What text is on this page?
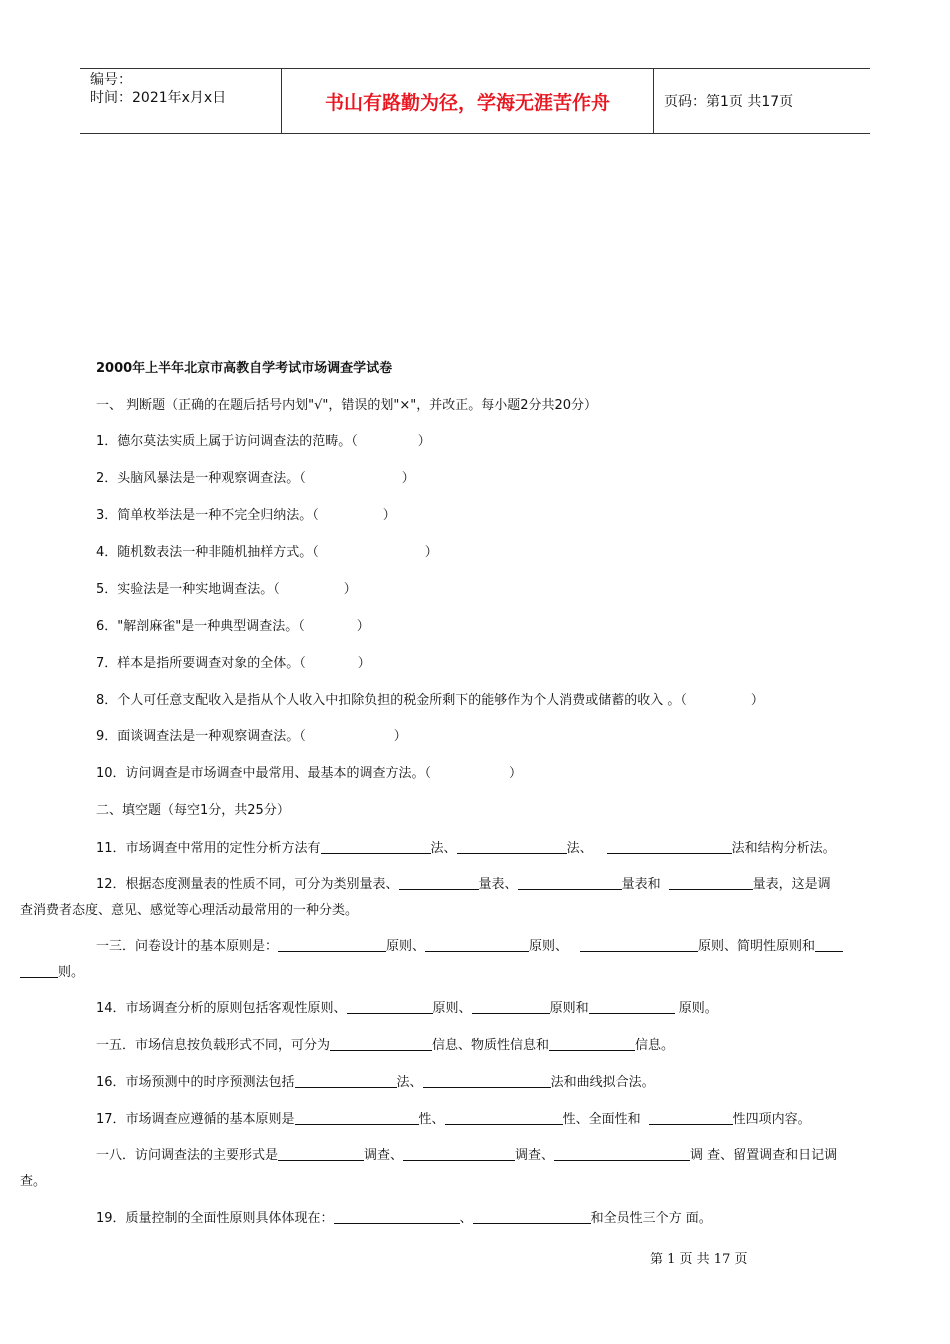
编号：
时间：2021年x月x日	书山有路勤为径，学海无涯苦作舟	页码：第1页 共17页
2000年上半年北京市高教自学考试市场调查学试卷
一、 判断题（正确的在题后括号内划"√"，错误的划"×"，并改正。每小题2分共20分）
1．德尔莫法实质上属于访问调查法的范畴。（	）
2．头脑风暴法是一种观察调查法。（	）
3．简单枚举法是一种不完全归纳法。（	）
4．随机数表法一种非随机抽样方式。（	）
5．实验法是一种实地调查法。（	）
6．"解剖麻雀"是一种典型调查法。（	）
7．样本是指所要调查对象的全体。（	）
8．个人可任意支配收入是指从个人收入中扣除负担的税金所剩下的能够作为个人消费或储蓄的收入 。（	）
9．面谈调查法是一种观察调查法。（	）
10．访问调查是市场调查中最常用、最基本的调查方法。（	）
二、填空题（每空1分，共25分）
11．市场调查中常用的定性分析方法有	法、	法、	法和结构分析法。
12．根据态度测量表的性质不同，可分为类别量表、	量表、	量表和	量表，这是调
查消费者态度、意见、感觉等心理活动最常用的一种分类。
一三．问卷设计的基本原则是：	原则、	原则、	原则、简明性原则和
则。
14．市场调查分析的原则包括客观性原则、	原则、	原则和	原则。
一五．市场信息按负载形式不同，可分为	信息、物质性信息和	信息。
16．市场预测中的时序预测法包括	法、	法和曲线拟合法。
17．市场调查应遵循的基本原则是	性、	性、全面性和	性四项内容。
一八．访问调查法的主要形式是	调查、	调查、	调 查、留置调查和日记调
查。
19．质量控制的全面性原则具体体现在：	、	和全员性三个方 面。
第 1 页 共 17 页
